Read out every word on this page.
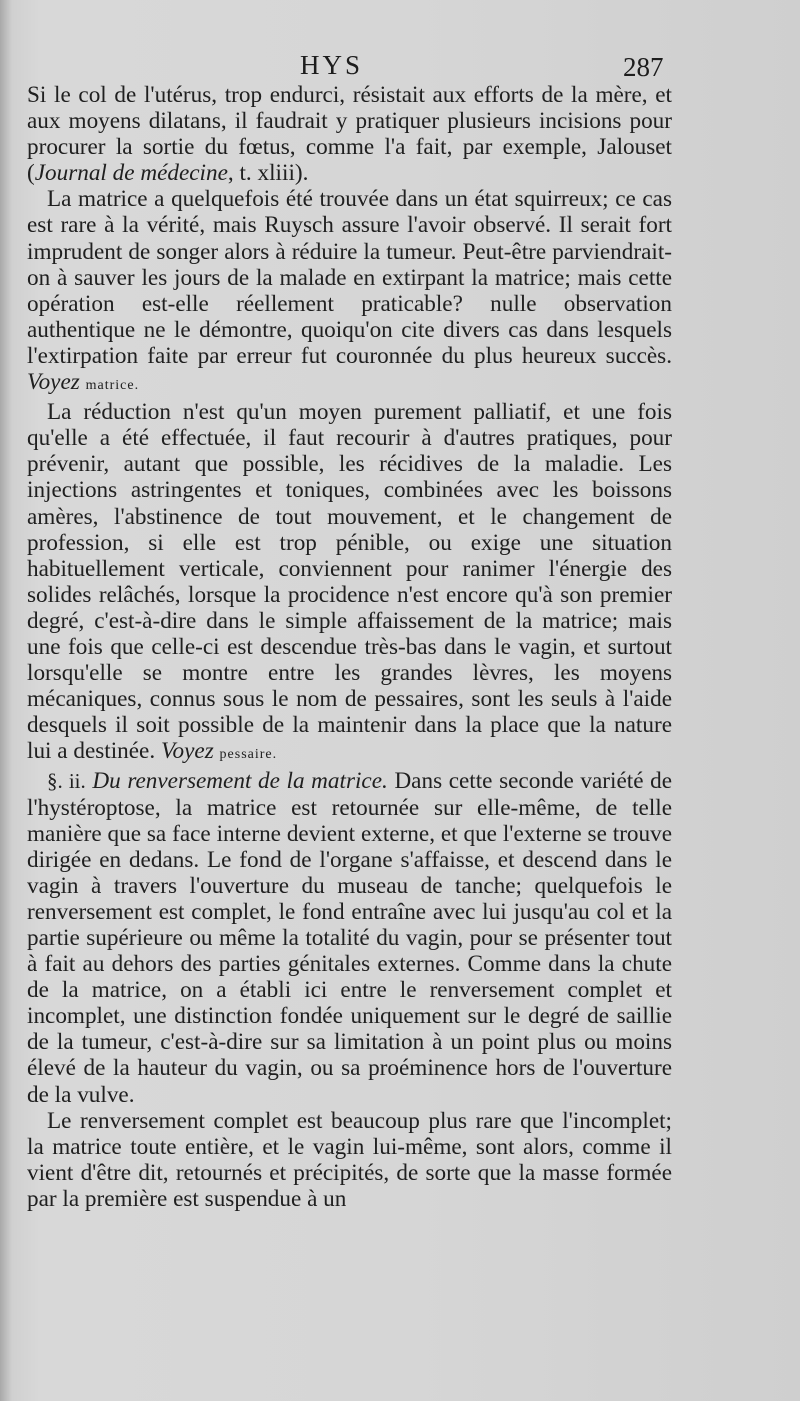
HYS	287

Si le col de l'utérus, trop endurci, résistait aux efforts de la mère, et aux moyens dilatans, il faudrait y pratiquer plusieurs incisions pour procurer la sortie du fœtus, comme l'a fait, par exemple, Jalouset (Journal de médecine, t. xliii).

La matrice a quelquefois été trouvée dans un état squirreux; ce cas est rare à la vérité, mais Ruysch assure l'avoir observé. Il serait fort imprudent de songer alors à réduire la tumeur. Peut-être parviendrait-on à sauver les jours de la malade en extirpant la matrice; mais cette opération est-elle réellement praticable? nulle observation authentique ne le démontre, quoiqu'on cite divers cas dans lesquels l'extirpation faite par erreur fut couronnée du plus heureux succès. Voyez matrice.

La réduction n'est qu'un moyen purement palliatif, et une fois qu'elle a été effectuée, il faut recourir à d'autres pratiques, pour prévenir, autant que possible, les récidives de la maladie. Les injections astringentes et toniques, combinées avec les boissons amères, l'abstinence de tout mouvement, et le changement de profession, si elle est trop pénible, ou exige une situation habituellement verticale, conviennent pour ranimer l'énergie des solides relâchés, lorsque la procidence n'est encore qu'à son premier degré, c'est-à-dire dans le simple affaissement de la matrice; mais une fois que celle-ci est descendue très-bas dans le vagin, et surtout lorsqu'elle se montre entre les grandes lèvres, les moyens mécaniques, connus sous le nom de pessaires, sont les seuls à l'aide desquels il soit possible de la maintenir dans la place que la nature lui a destinée. Voyez pessaire.

§. ii. Du renversement de la matrice. Dans cette seconde variété de l'hystéroptose, la matrice est retournée sur elle-même, de telle manière que sa face interne devient externe, et que l'externe se trouve dirigée en dedans. Le fond de l'organe s'affaisse, et descend dans le vagin à travers l'ouverture du museau de tanche; quelquefois le renversement est complet, le fond entraîne avec lui jusqu'au col et la partie supérieure ou même la totalité du vagin, pour se présenter tout à fait au dehors des parties génitales externes. Comme dans la chute de la matrice, on a établi ici entre le renversement complet et incomplet, une distinction fondée uniquement sur le degré de saillie de la tumeur, c'est-à-dire sur sa limitation à un point plus ou moins élevé de la hauteur du vagin, ou sa proéminence hors de l'ouverture de la vulve.

Le renversement complet est beaucoup plus rare que l'incomplet; la matrice toute entière, et le vagin lui-même, sont alors, comme il vient d'être dit, retournés et précipités, de sorte que la masse formée par la première est suspendue à un
